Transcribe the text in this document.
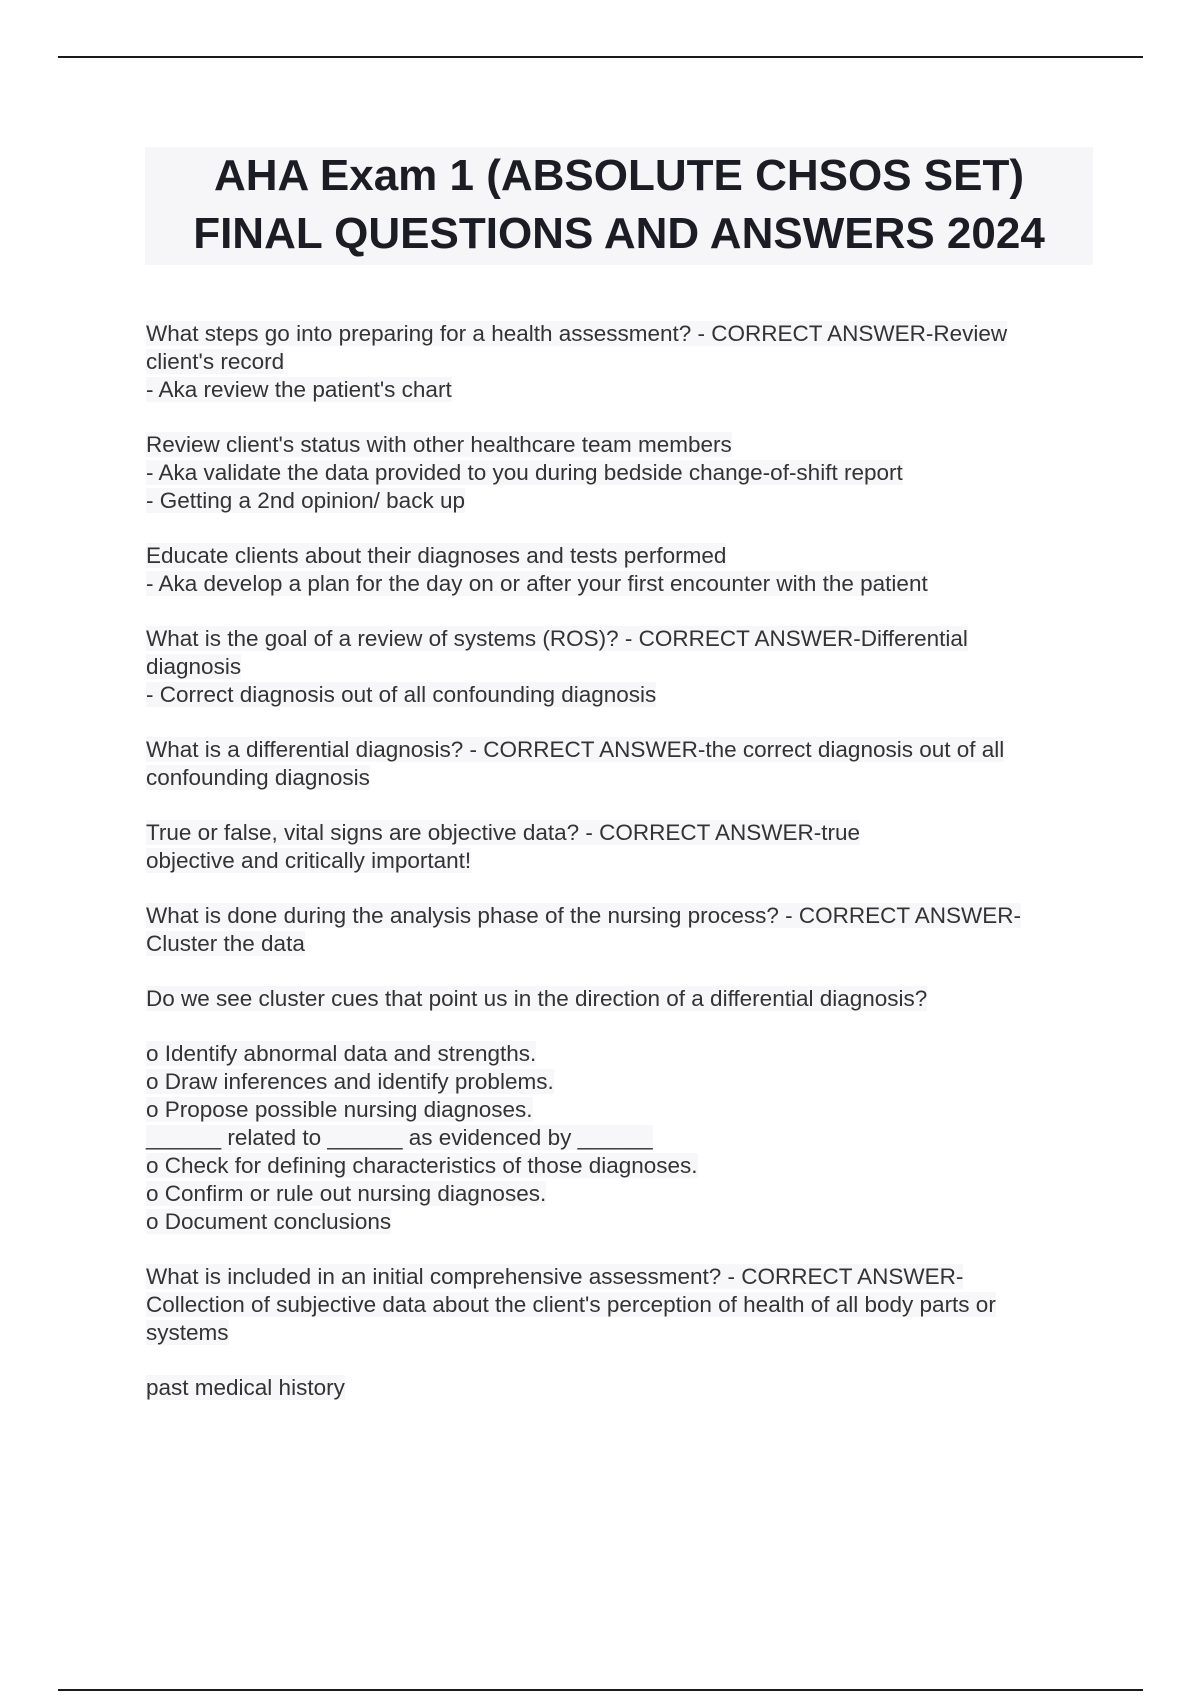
AHA Exam 1 (ABSOLUTE CHSOS SET)
FINAL QUESTIONS AND ANSWERS 2024
What steps go into preparing for a health assessment? - CORRECT ANSWER-Review
client's record
- Aka review the patient's chart
Review client's status with other healthcare team members
- Aka validate the data provided to you during bedside change-of-shift report
- Getting a 2nd opinion/ back up
Educate clients about their diagnoses and tests performed
- Aka develop a plan for the day on or after your first encounter with the patient
What is the goal of a review of systems (ROS)? - CORRECT ANSWER-Differential
diagnosis
- Correct diagnosis out of all confounding diagnosis
What is a differential diagnosis? - CORRECT ANSWER-the correct diagnosis out of all
confounding diagnosis
True or false, vital signs are objective data? - CORRECT ANSWER-true
objective and critically important!
What is done during the analysis phase of the nursing process? - CORRECT ANSWER-
Cluster the data
Do we see cluster cues that point us in the direction of a differential diagnosis?
o Identify abnormal data and strengths.
o Draw inferences and identify problems.
o Propose possible nursing diagnoses.
______ related to ______ as evidenced by ______
o Check for defining characteristics of those diagnoses.
o Confirm or rule out nursing diagnoses.
o Document conclusions
What is included in an initial comprehensive assessment? - CORRECT ANSWER-
Collection of subjective data about the client's perception of health of all body parts or
systems
past medical history
